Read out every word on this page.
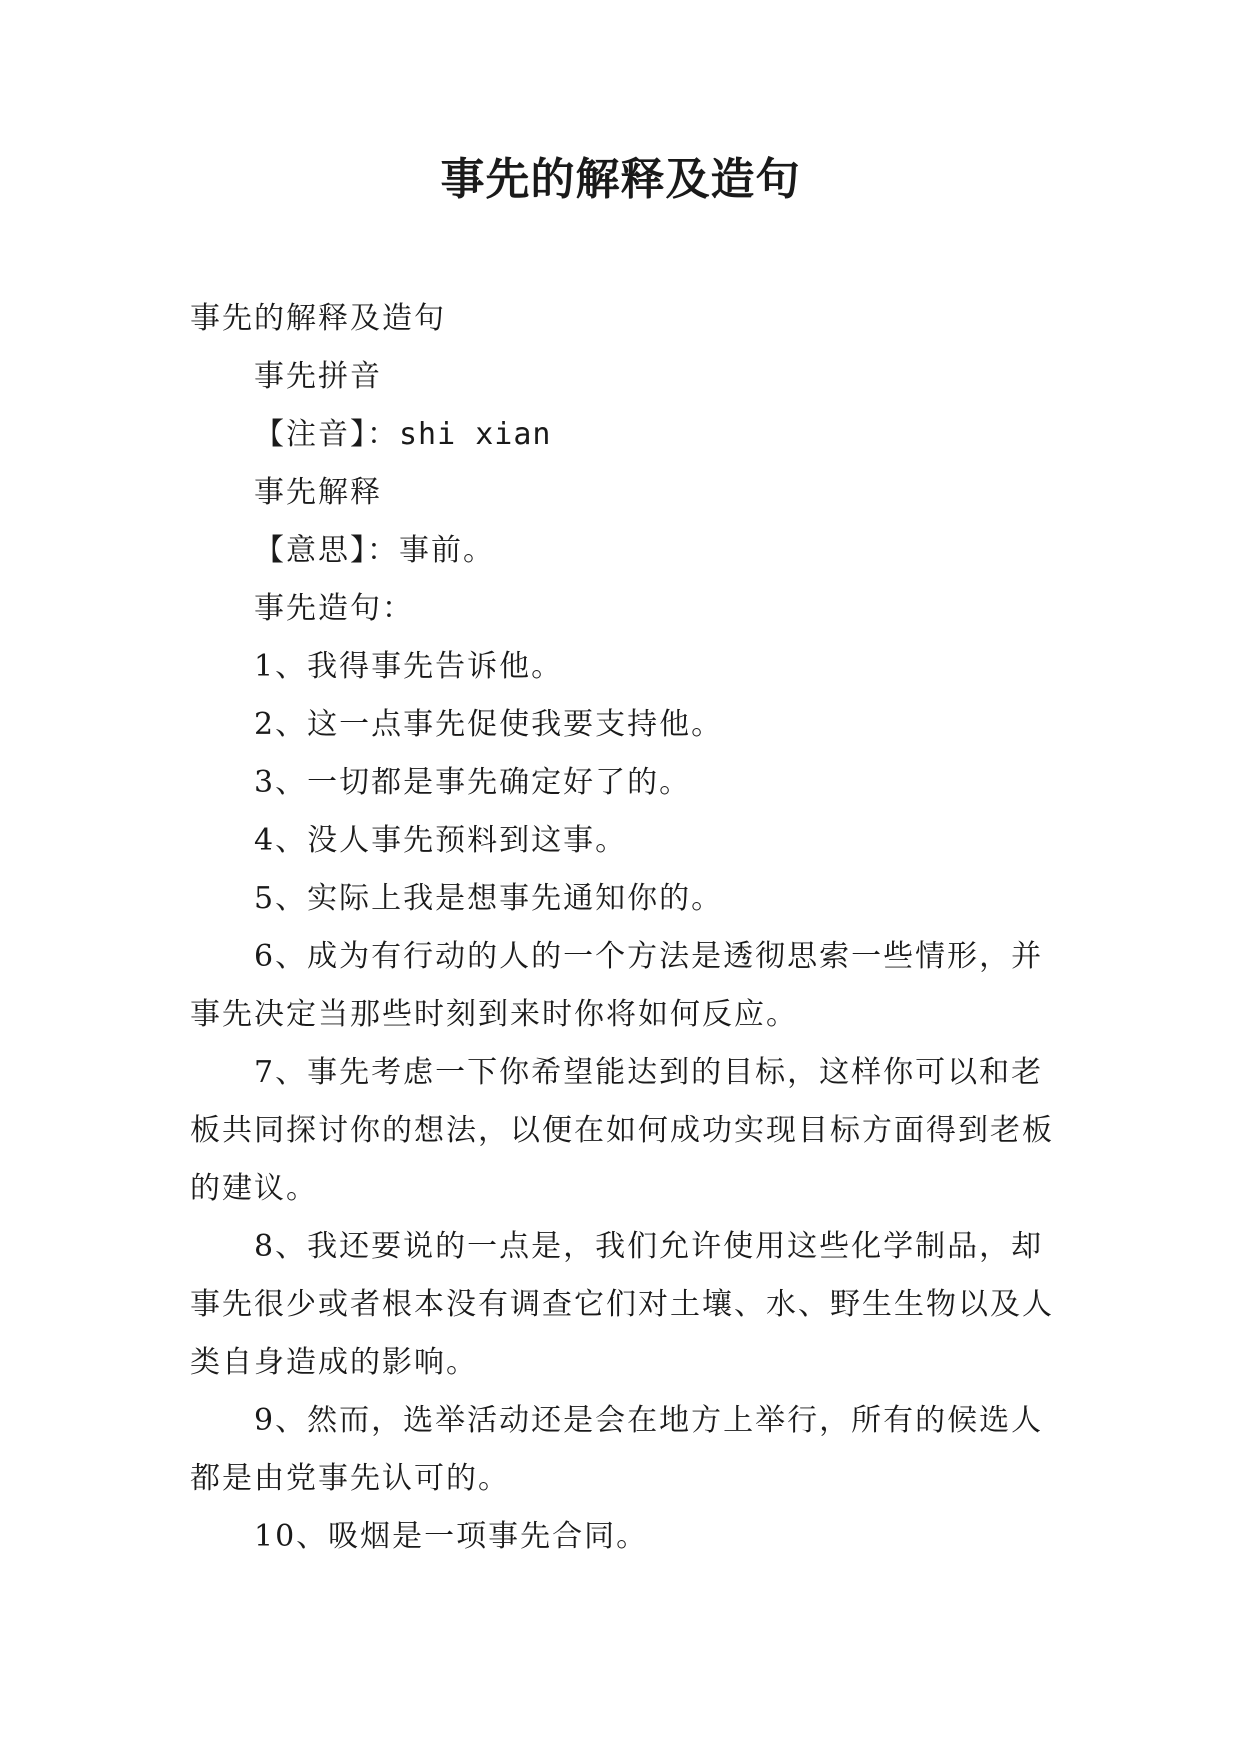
事先的解释及造句

事先的解释及造句

事先拼音

【注音】：shi xian

事先解释

【意思】：事前。

事先造句：

1、我得事先告诉他。

2、这一点事先促使我要支持他。

3、一切都是事先确定好了的。

4、没人事先预料到这事。

5、实际上我是想事先通知你的。

6、成为有行动的人的一个方法是透彻思索一些情形，并事先决定当那些时刻到来时你将如何反应。

7、事先考虑一下你希望能达到的目标，这样你可以和老板共同探讨你的想法，以便在如何成功实现目标方面得到老板的建议。

8、我还要说的一点是，我们允许使用这些化学制品，却事先很少或者根本没有调查它们对土壤、水、野生生物以及人类自身造成的影响。

9、然而，选举活动还是会在地方上举行，所有的候选人都是由党事先认可的。

10、吸烟是一项事先合同。
